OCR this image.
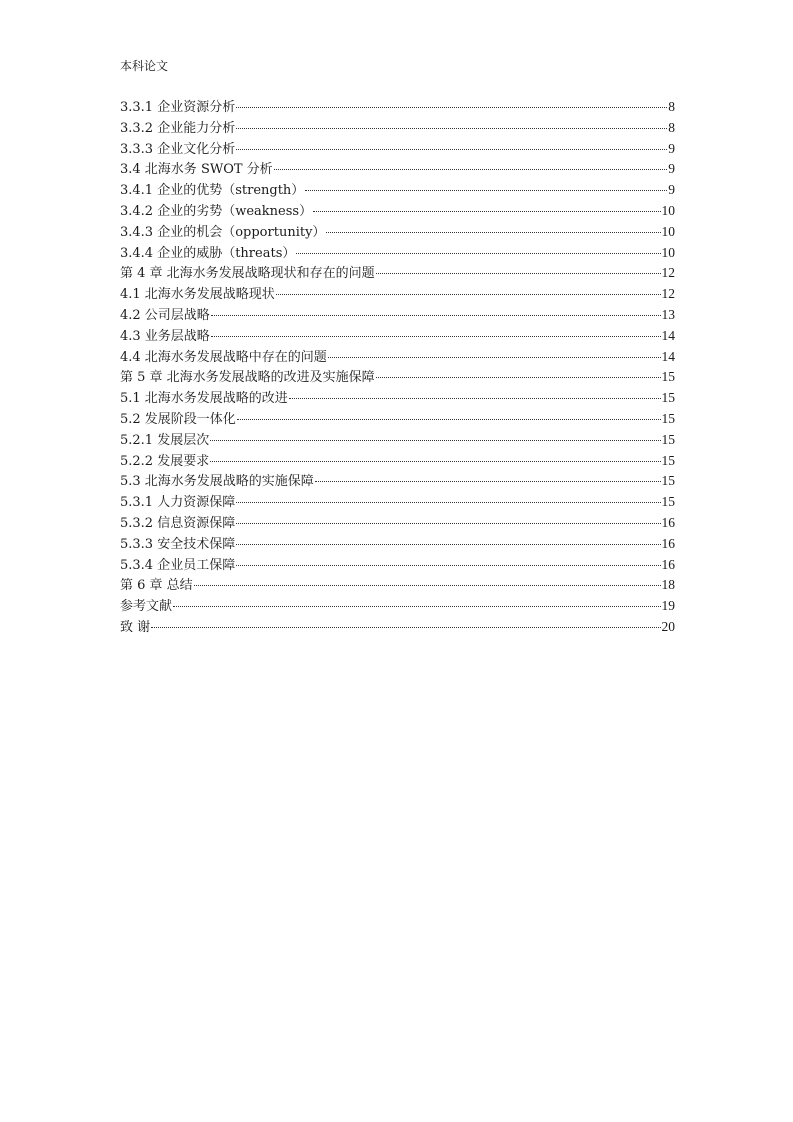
本科论文
3.3.1 企业资源分析	8
3.3.2 企业能力分析	8
3.3.3 企业文化分析	9
3.4 北海水务 SWOT 分析	9
3.4.1 企业的优势（strength）	9
3.4.2 企业的劣势（weakness）	10
3.4.3 企业的机会（opportunity）	10
3.4.4 企业的威胁（threats）	10
第 4 章 北海水务发展战略现状和存在的问题	12
4.1 北海水务发展战略现状	12
4.2 公司层战略	13
4.3 业务层战略	14
4.4 北海水务发展战略中存在的问题	14
第 5 章 北海水务发展战略的改进及实施保障	15
5.1 北海水务发展战略的改进	15
5.2 发展阶段一体化	15
5.2.1 发展层次	15
5.2.2 发展要求	15
5.3 北海水务发展战略的实施保障	15
5.3.1 人力资源保障	15
5.3.2 信息资源保障	16
5.3.3 安全技术保障	16
5.3.4 企业员工保障	16
第 6 章 总结	18
参考文献	19
致 谢	20
